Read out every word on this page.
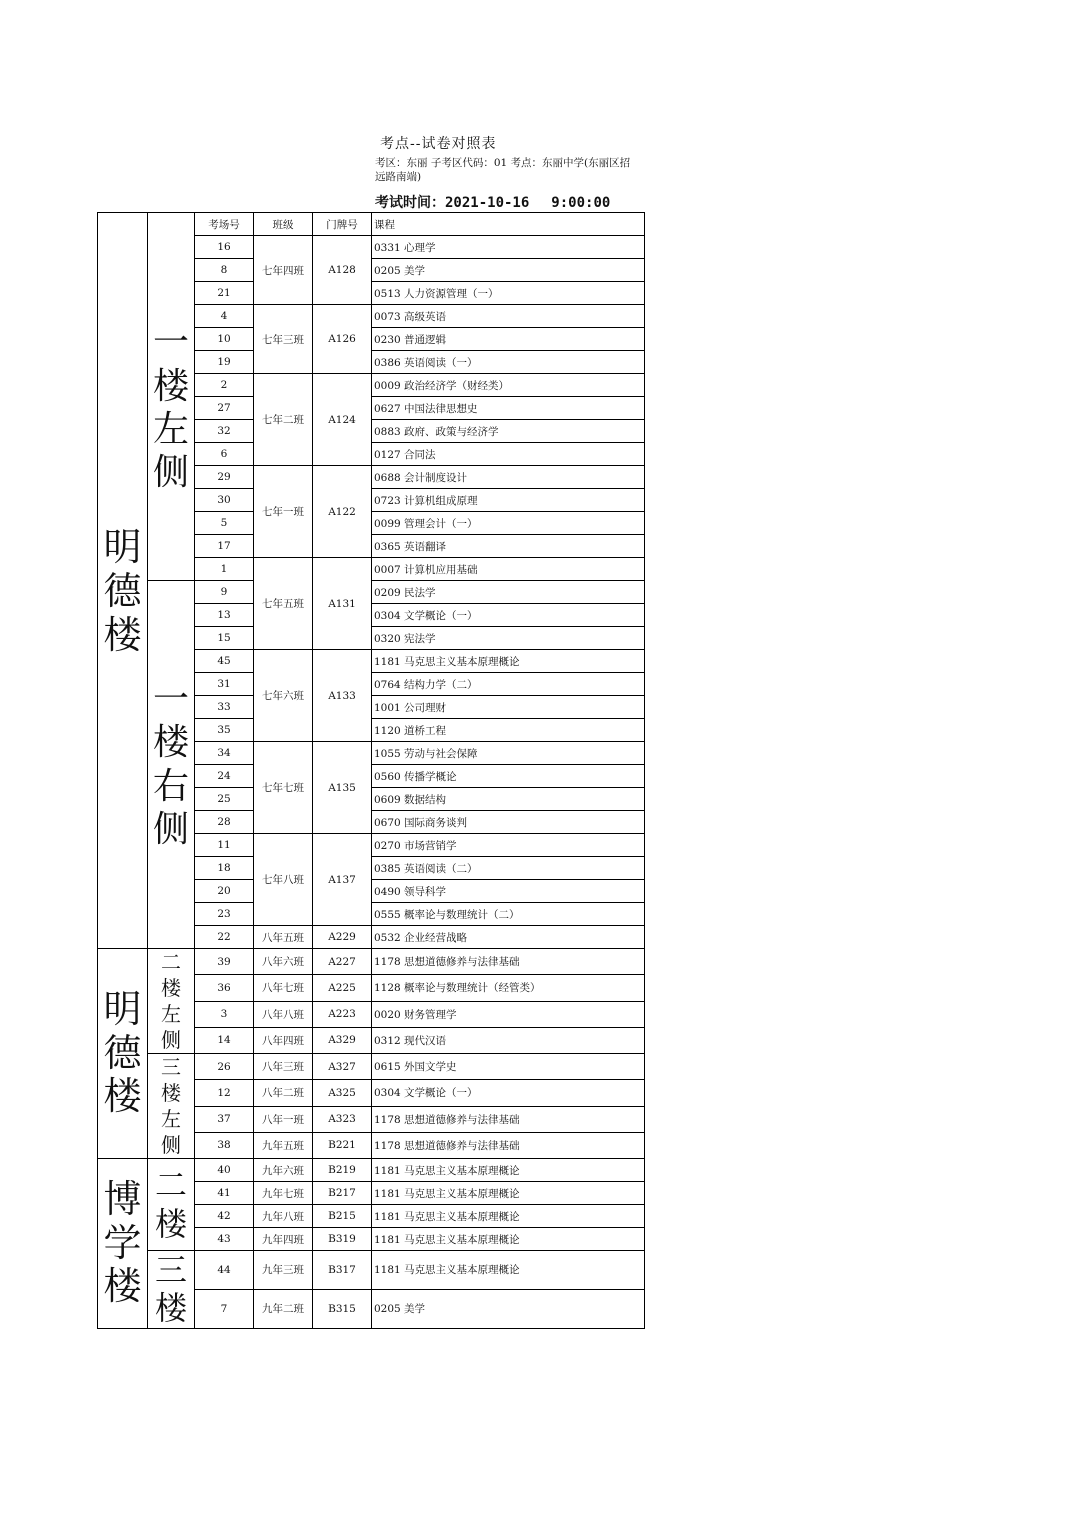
考点--试卷对照表
考区：东丽 子考区代码：01 考点：东丽中学(东丽区招远路南端)
考试时间：2021-10-16 9:00:00
		考场号	班级	门牌号	课程
明德楼	一楼左侧	16	七年四班	A128	0331 心理学
		8			0205 美学
		21			0513 人力资源管理（一）
		4	七年三班	A126	0073 高级英语
		10			0230 普通逻辑
		19			0386 英语阅读（一）
		2	七年二班	A124	0009 政治经济学（财经类）
		27			0627 中国法律思想史
		32			0883 政府、政策与经济学
		6			0127 合同法
		29	七年一班	A122	0688 会计制度设计
		30			0723 计算机组成原理
		5			0099 管理会计（一）
		17			0365 英语翻译
		1	七年五班	A131	0007 计算机应用基础
	一楼右侧	9			0209 民法学
		13			0304 文学概论（一）
		15			0320 宪法学
		45	七年六班	A133	1181 马克思主义基本原理概论
		31			0764 结构力学（二）
		33			1001 公司理财
		35			1120 道桥工程
		34	七年七班	A135	1055 劳动与社会保障
		24			0560 传播学概论
		25			0609 数据结构
		28			0670 国际商务谈判
		11	七年八班	A137	0270 市场营销学
		18			0385 英语阅读（二）
		20			0490 领导科学
		23			0555 概率论与数理统计（二）
		22	八年五班	A229	0532 企业经营战略
明德楼	二楼左侧	39	八年六班	A227	1178 思想道德修养与法律基础
		36	八年七班	A225	1128 概率论与数理统计（经管类）
		3	八年八班	A223	0020 财务管理学
		14	八年四班	A329	0312 现代汉语
	三楼左侧	26	八年三班	A327	0615 外国文学史
		12	八年二班	A325	0304 文学概论（一）
		37	八年一班	A323	1178 思想道德修养与法律基础
		38	九年五班	B221	1178 思想道德修养与法律基础
博学楼	二楼	40	九年六班	B219	1181 马克思主义基本原理概论
		41	九年七班	B217	1181 马克思主义基本原理概论
		42	九年八班	B215	1181 马克思主义基本原理概论
		43	九年四班	B319	1181 马克思主义基本原理概论
	三楼	44	九年三班	B317	1181 马克思主义基本原理概论
		7	九年二班	B315	0205 美学
